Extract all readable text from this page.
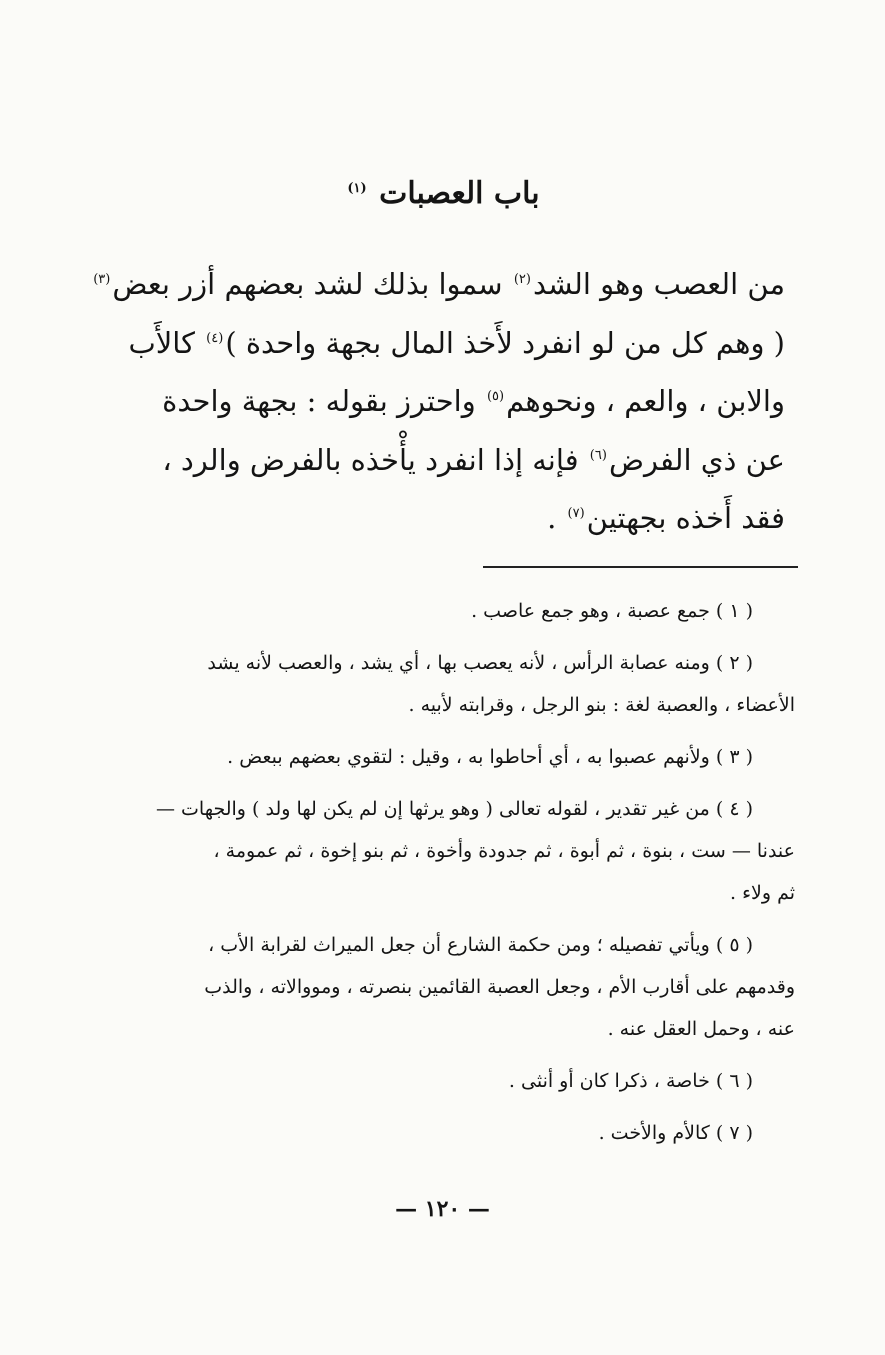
باب العصبات $^{(١)}$
من العصب وهو الشد$^{(٢)}$ سموا بذلك لشد بعضهم أزر بعض$^{(٣)}$
( وهم كل من لو انفرد لأَخذ المال بجهة واحدة )$^{(٤)}$ كالأَب
والابن ، والعم ، ونحوهم$^{(٥)}$ واحترز بقوله : بجهة واحدة
عن ذي الفرض$^{(٦)}$ فإنه إذا انفرد يأْخذه بالفرض والرد ،
فقد أَخذه بجهتين$^{(٧)}$ .
( ١ ) جمع عصبة ، وهو جمع عاصب .
( ٢ ) ومنه عصابة الرأس ، لأنه يعصب بها ، أي يشد ، والعصب لأنه يشد
الأعضاء ، والعصبة لغة : بنو الرجل ، وقرابته لأبيه .
( ٣ ) ولأنهم عصبوا به ، أي أحاطوا به ، وقيل : لتقوي بعضهم ببعض .
( ٤ ) من غير تقدير ، لقوله تعالى ( وهو يرثها إن لم يكن لها ولد ) والجهات —
عندنا — ست ، بنوة ، ثم أبوة ، ثم جدودة وأخوة ، ثم بنو إخوة ، ثم عمومة ،
ثم ولاء .
( ٥ ) ويأتي تفصيله ؛ ومن حكمة الشارع أن جعل الميراث لقرابة الأب ،
وقدمهم على أقارب الأم ، وجعل العصبة القائمين بنصرته ، ومووالاته ، والذب
عنه ، وحمل العقل عنه .
( ٦ ) خاصة ، ذكرا كان أو أنثى .
( ٧ ) كالأم والأخت .
— ١٢٠ —
